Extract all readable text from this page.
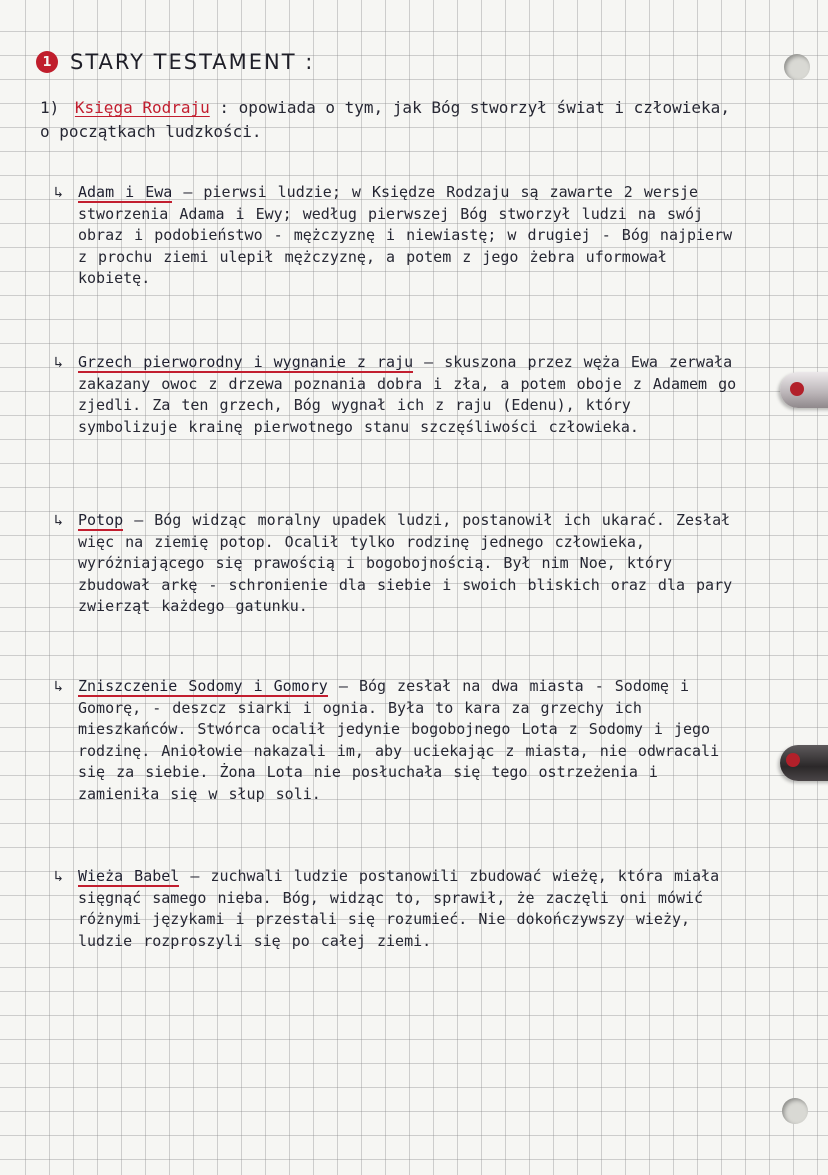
1 STARY TESTAMENT :
1) Księga Rodraju : opowiada o tym, jak Bóg stworzył świat i człowieka, o początkach ludzkości.
↳ Adam i Ewa – pierwsi ludzie; w Księdze Rodzaju są zawarte 2 wersje stworzenia Adama i Ewy; według pierwszej Bóg stworzył ludzi na swój obraz i podobieństwo - mężczyznę i niewiastę; w drugiej - Bóg najpierw z prochu ziemi ulepił mężczyznę, a potem z jego żebra uformował kobietę.
↳ Grzech pierworodny i wygnanie z raju – skuszona przez węża Ewa zerwała zakazany owoc z drzewa poznania dobra i zła, a potem oboje z Adamem go zjedli. Za ten grzech, Bóg wygnał ich z raju (Edenu), który symbolizuje krainę pierwotnego stanu szczęśliwości człowieka.
↳ Potop – Bóg widząc moralny upadek ludzi, postanowił ich ukarać. Zesłał więc na ziemię potop. Ocalił tylko rodzinę jednego człowieka, wyróżniającego się prawością i bogobojnością. Był nim Noe, który zbudował arkę - schronienie dla siebie i swoich bliskich oraz dla pary zwierząt każdego gatunku.
↳ Zniszczenie Sodomy i Gomory – Bóg zesłał na dwa miasta - Sodomę i Gomorę, - deszcz siarki i ognia. Była to kara za grzechy ich mieszkańców. Stwórca ocalił jedynie bogobojnego Lota z Sodomy i jego rodzinę. Aniołowie nakazali im, aby uciekając z miasta, nie odwracali się za siebie. Żona Lota nie posłuchała się tego ostrzeżenia i zamieniła się w słup soli.
↳ Wieża Babel – zuchwali ludzie postanowili zbudować wieżę, która miała sięgnąć samego nieba. Bóg, widząc to, sprawił, że zaczęli oni mówić różnymi językami i przestali się rozumieć. Nie dokończywszy wieży, ludzie rozproszyli się po całej ziemi.
